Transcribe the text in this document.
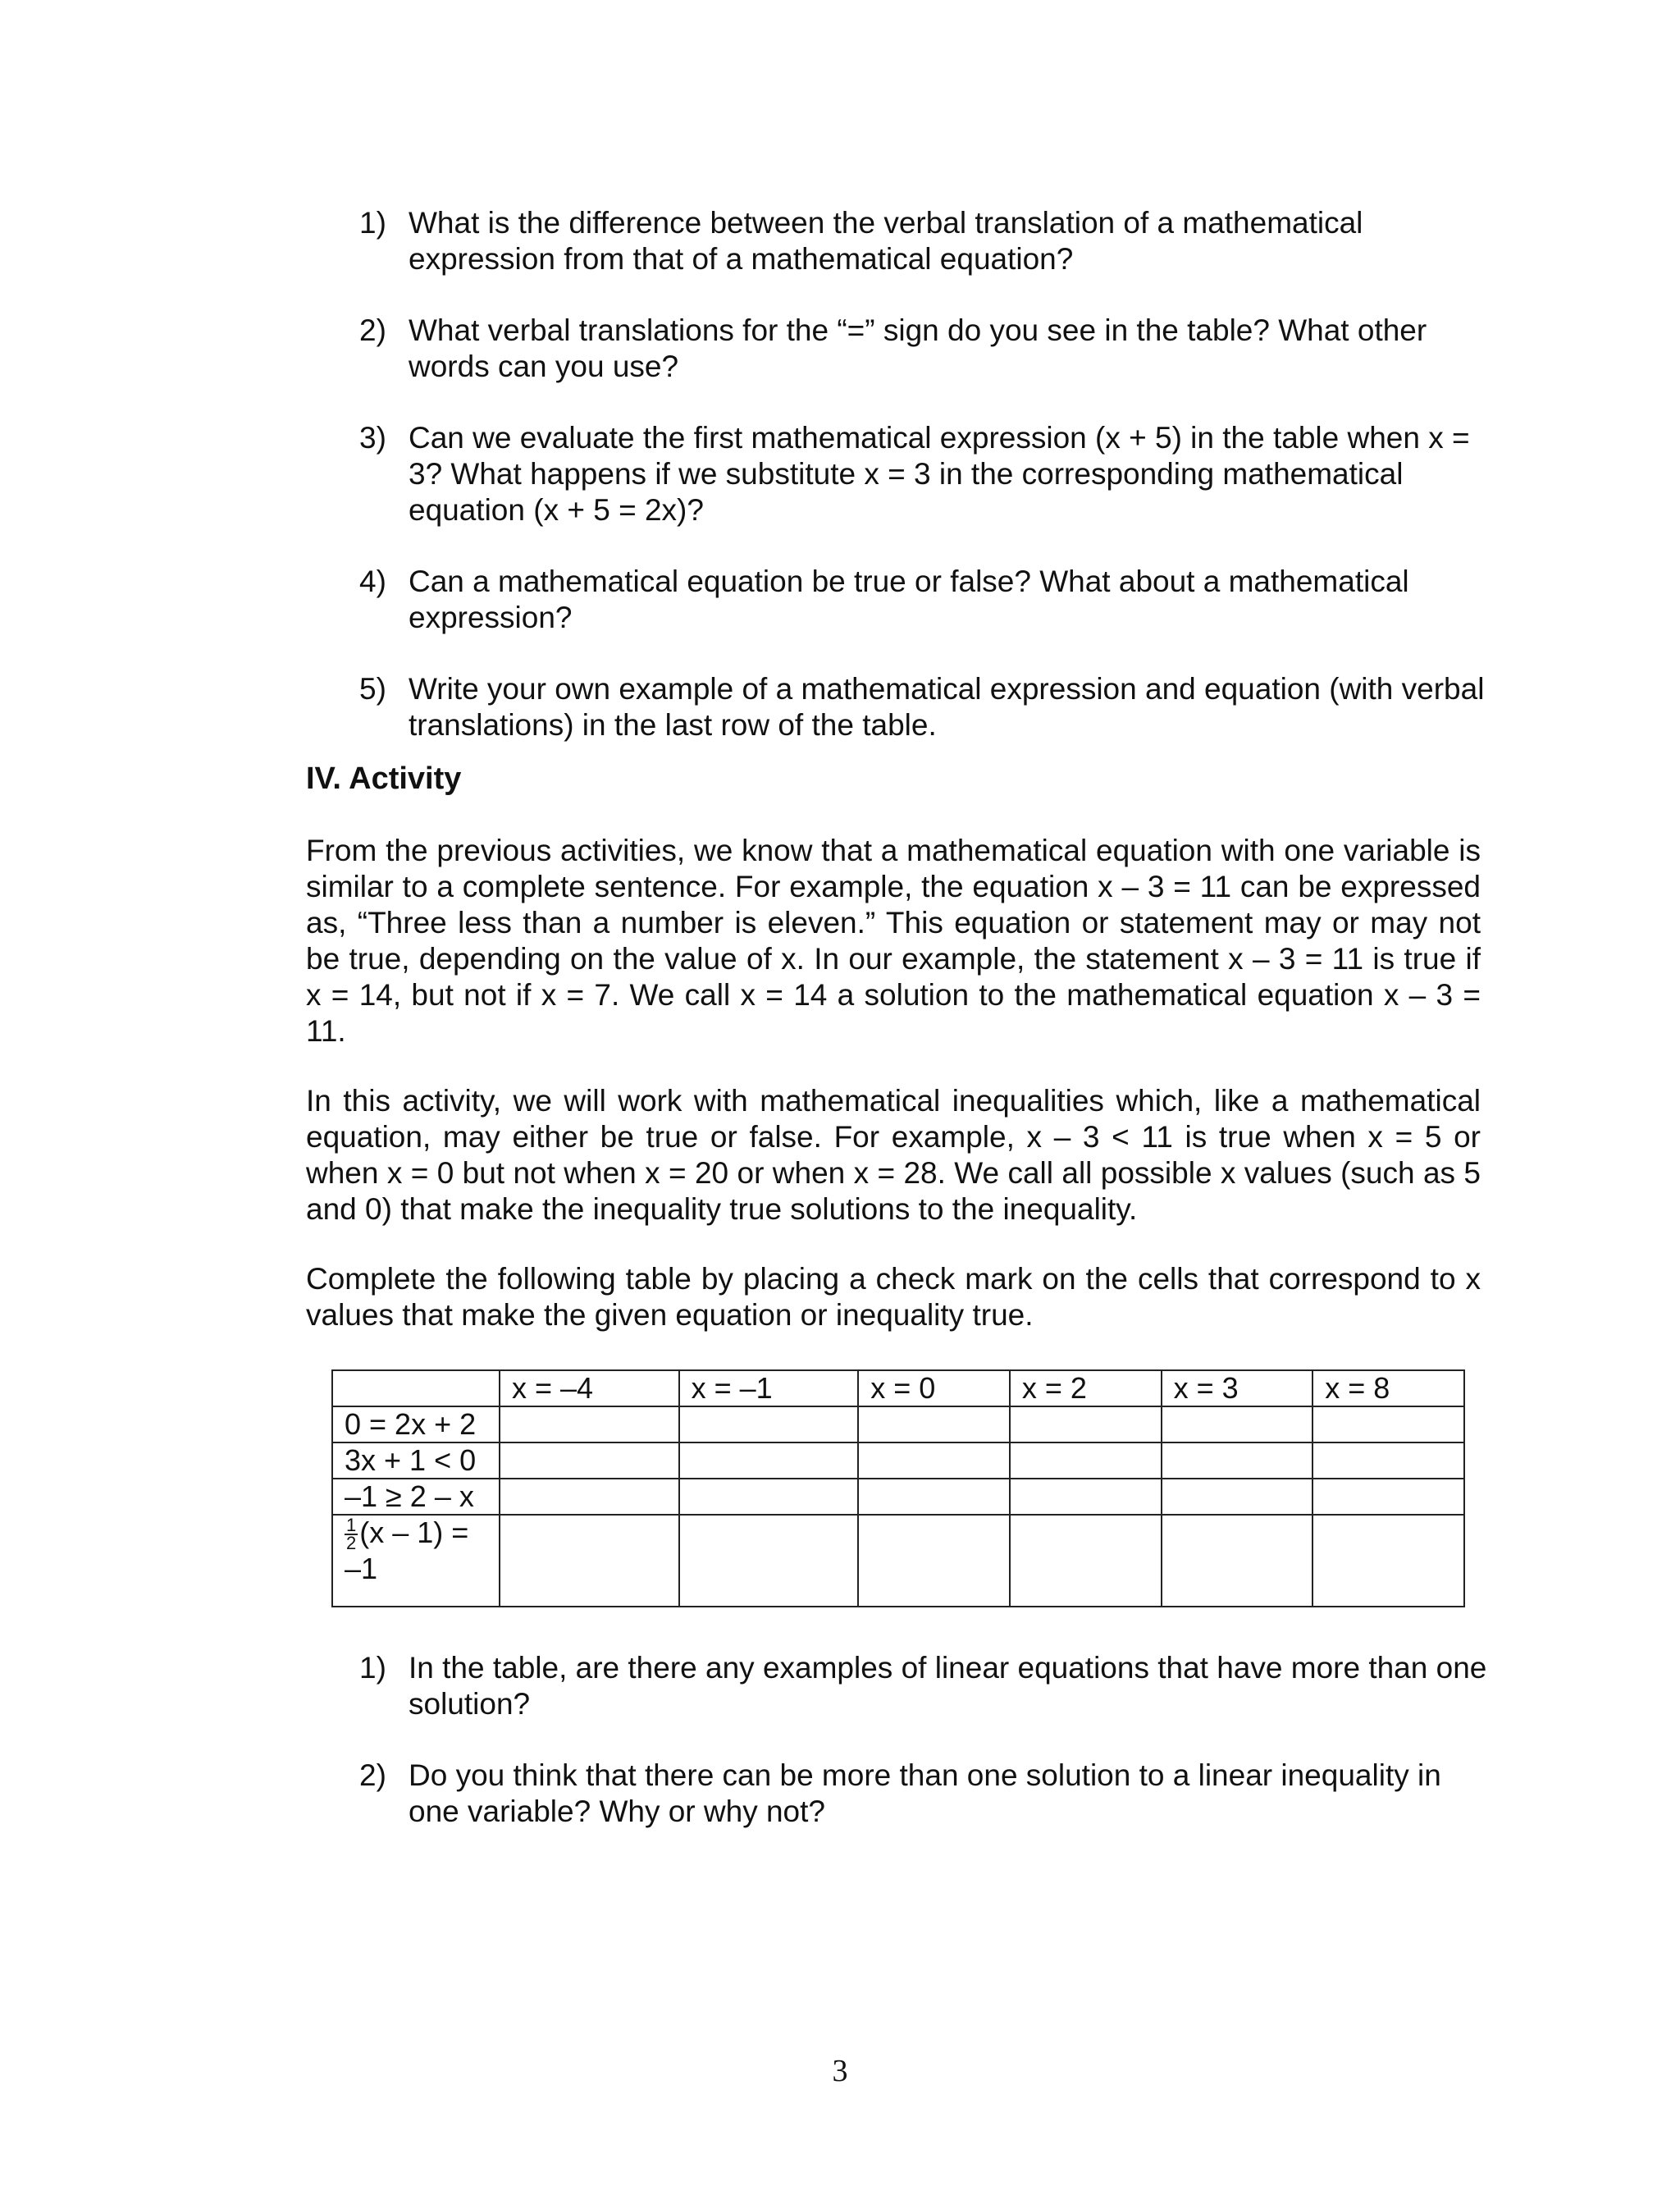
1) What is the difference between the verbal translation of a mathematical expression from that of a mathematical equation?
2) What verbal translations for the “=” sign do you see in the table? What other words can you use?
3) Can we evaluate the first mathematical expression (x + 5) in the table when x = 3? What happens if we substitute x = 3 in the corresponding mathematical equation (x + 5 = 2x)?
4) Can a mathematical equation be true or false? What about a mathematical expression?
5) Write your own example of a mathematical expression and equation (with verbal translations) in the last row of the table.
IV. Activity

From the previous activities, we know that a mathematical equation with one variable is similar to a complete sentence. For example, the equation x – 3 = 11 can be expressed as, “Three less than a number is eleven.” This equation or statement may or may not be true, depending on the value of x. In our example, the statement x – 3 = 11 is true if x = 14, but not if x = 7. We call x = 14 a solution to the mathematical equation x – 3 = 11.

In this activity, we will work with mathematical inequalities which, like a mathematical equation, may either be true or false. For example, x – 3 < 11 is true when x = 5 or when x = 0 but not when x = 20 or when x = 28. We call all possible x values (such as 5 and 0) that make the inequality true solutions to the inequality.

Complete the following table by placing a check mark on the cells that correspond to x values that make the given equation or inequality true.

	x = –4	x = –1	x = 0	x = 2	x = 3	x = 8
0 = 2x + 2						
3x + 1 < 0						
–1 ≥ 2 – x						

$\frac{1}{2} (x - 1) = -1$						
1) In the table, are there any examples of linear equations that have more than one solution?
2) Do you think that there can be more than one solution to a linear inequality in one variable? Why or why not?
3
